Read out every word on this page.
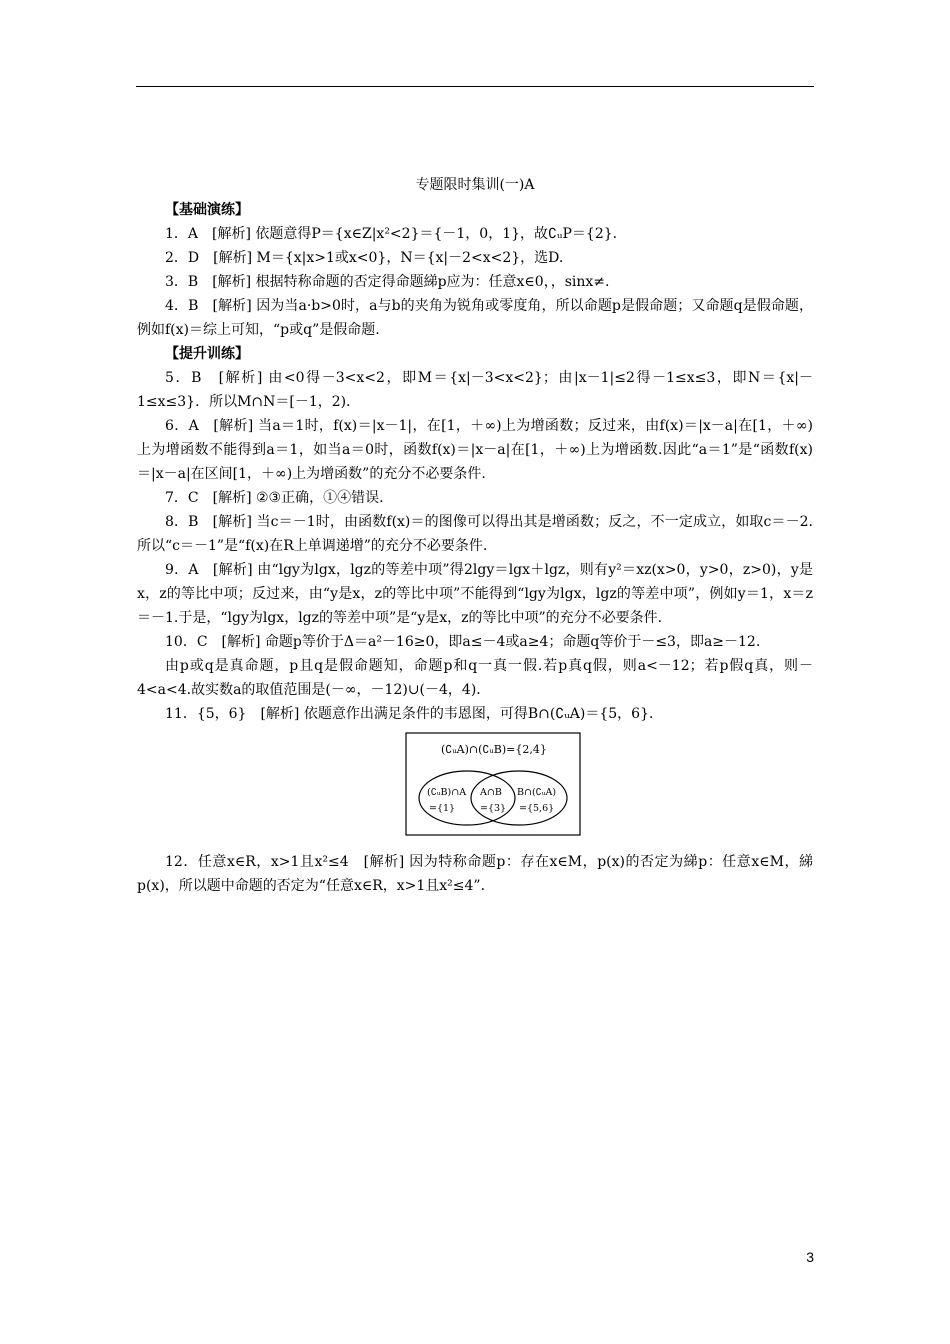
专题限时集训(一)A
【基础演练】
1．A　[解析] 依题意得P＝{x∈Z|x²<2}＝{－1，0，1}，故∁ᵤP＝{2}．
2．D　[解析] M＝{x|x>1或x<0}，N＝{x|－2<x<2}，选D.
3．B　[解析] 根据特称命题的否定得命题綈p应为：任意x∈0，，sinx≠.
4．B　[解析] 因为当a·b>0时，a与b的夹角为锐角或零度角，所以命题p是假命题；又命题q是假命题，例如f(x)＝综上可知，“p或q”是假命题.
【提升训练】
5．B　[解析] 由<0得－3<x<2，即M＝{x|－3<x<2}；由|x－1|≤2得－1≤x≤3，即N＝{x|－1≤x≤3}．所以M∩N＝[－1，2)．
6．A　[解析] 当a＝1时，f(x)＝|x－1|，在[1，＋∞)上为增函数；反过来，由f(x)＝|x－a|在[1，＋∞)上为增函数不能得到a＝1，如当a＝0时，函数f(x)＝|x－a|在[1，＋∞)上为增函数.因此“a＝1”是“函数f(x)＝|x－a|在区间[1，＋∞)上为增函数”的充分不必要条件.
7．C　[解析] ②③正确，①④错误.
8．B　[解析] 当c＝－1时，由函数f(x)＝的图像可以得出其是增函数；反之，不一定成立，如取c＝－2.所以“c＝－1”是“f(x)在R上单调递增”的充分不必要条件.
9．A　[解析] 由“lgy为lgx，lgz的等差中项”得2lgy＝lgx＋lgz，则有y²＝xz(x>0，y>0，z>0)，y是x，z的等比中项；反过来，由“y是x，z的等比中项”不能得到“lgy为lgx，lgz的等差中项”，例如y＝1，x＝z＝－1.于是，“lgy为lgx，lgz的等差中项”是“y是x，z的等比中项”的充分不必要条件.
10．C　[解析] 命题p等价于Δ＝a²－16≥0，即a≤－4或a≥4；命题q等价于－≤3，即a≥－12.
由p或q是真命题，p且q是假命题知，命题p和q一真一假.若p真q假，则a<－12；若p假q真，则－4<a<4.故实数a的取值范围是(－∞，－12)∪(－4，4)．
11．{5，6}　[解析] 依题意作出满足条件的韦恩图，可得B∩(∁ᵤA)＝{5，6}．
(∁ᵤA)∩(∁ᵤB)={2,4}
(∁ᵤB)∩A
={1}
A∩B
={3}
B∩(∁ᵤA)
={5,6}
12．任意x∈R，x>1且x²≤4　[解析] 因为特称命题p：存在x∈M，p(x)的否定为綈p：任意x∈M，綈p(x)，所以题中命题的否定为“任意x∈R，x>1且x²≤4”．
3
